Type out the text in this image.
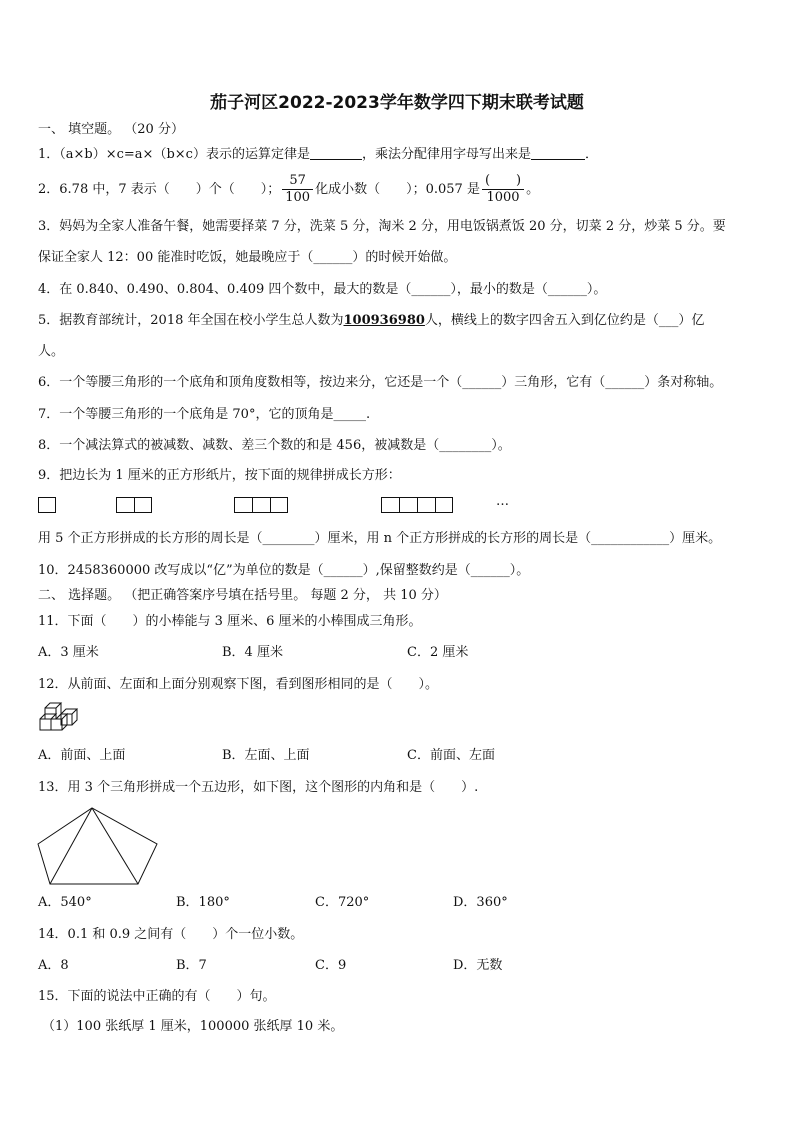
茄子河区2022-2023学年数学四下期末联考试题
一、 填空题。 （20 分）
1．（a×b）×c=a×（b×c）表示的运算定律是	，乘法分配律用字母写出来是	．
2．6.78 中，7 表示（　　）个（　　）； $\frac{57}{100}$ 化成小数（　　）；0.057 是 $\frac{( )}{1000}$ 。
3．妈妈为全家人准备午餐，她需要择菜 7 分，洗菜 5 分，淘米 2 分，用电饭锅煮饭 20 分，切菜 2 分，炒菜 5 分。要
保证全家人 12：00 能准时吃饭，她最晚应于（______）的时候开始做。
4．在 0.840、0.490、0.804、0.409 四个数中，最大的数是（______），最小的数是（______）。
5．据教育部统计，2018 年全国在校小学生总人数为100936980人，横线上的数字四舍五入到亿位约是（___）亿
人。
6．一个等腰三角形的一个底角和顶角度数相等，按边来分，它还是一个（______）三角形，它有（______）条对称轴。
7．一个等腰三角形的一个底角是 70°，它的顶角是_____.
8．一个减法算式的被减数、减数、差三个数的和是 456，被减数是（________）。
9．把边长为 1 厘米的正方形纸片，按下面的规律拼成长方形：
…
用 5 个正方形拼成的长方形的周长是（________）厘米，用 n 个正方形拼成的长方形的周长是（____________）厘米。
10．2458360000 改写成以“亿”为单位的数是（______）,保留整数约是（______）。
二、 选择题。 （把正确答案序号填在括号里。 每题 2 分， 共 10 分）
11．下面（　　）的小棒能与 3 厘米、6 厘米的小棒围成三角形。
A．3 厘米	B．4 厘米	C．2 厘米
12．从前面、左面和上面分别观察下图，看到图形相同的是（　　）。
A．前面、上面	B．左面、上面	C．前面、左面
13．用 3 个三角形拼成一个五边形，如下图，这个图形的内角和是（　　）.
A．540°	B．180°	C．720°	D．360°
14．0.1 和 0.9 之间有（　　）个一位小数。
A．8	B．7	C．9	D．无数
15．下面的说法中正确的有（　　）句。
（1）100 张纸厚 1 厘米，100000 张纸厚 10 米。
